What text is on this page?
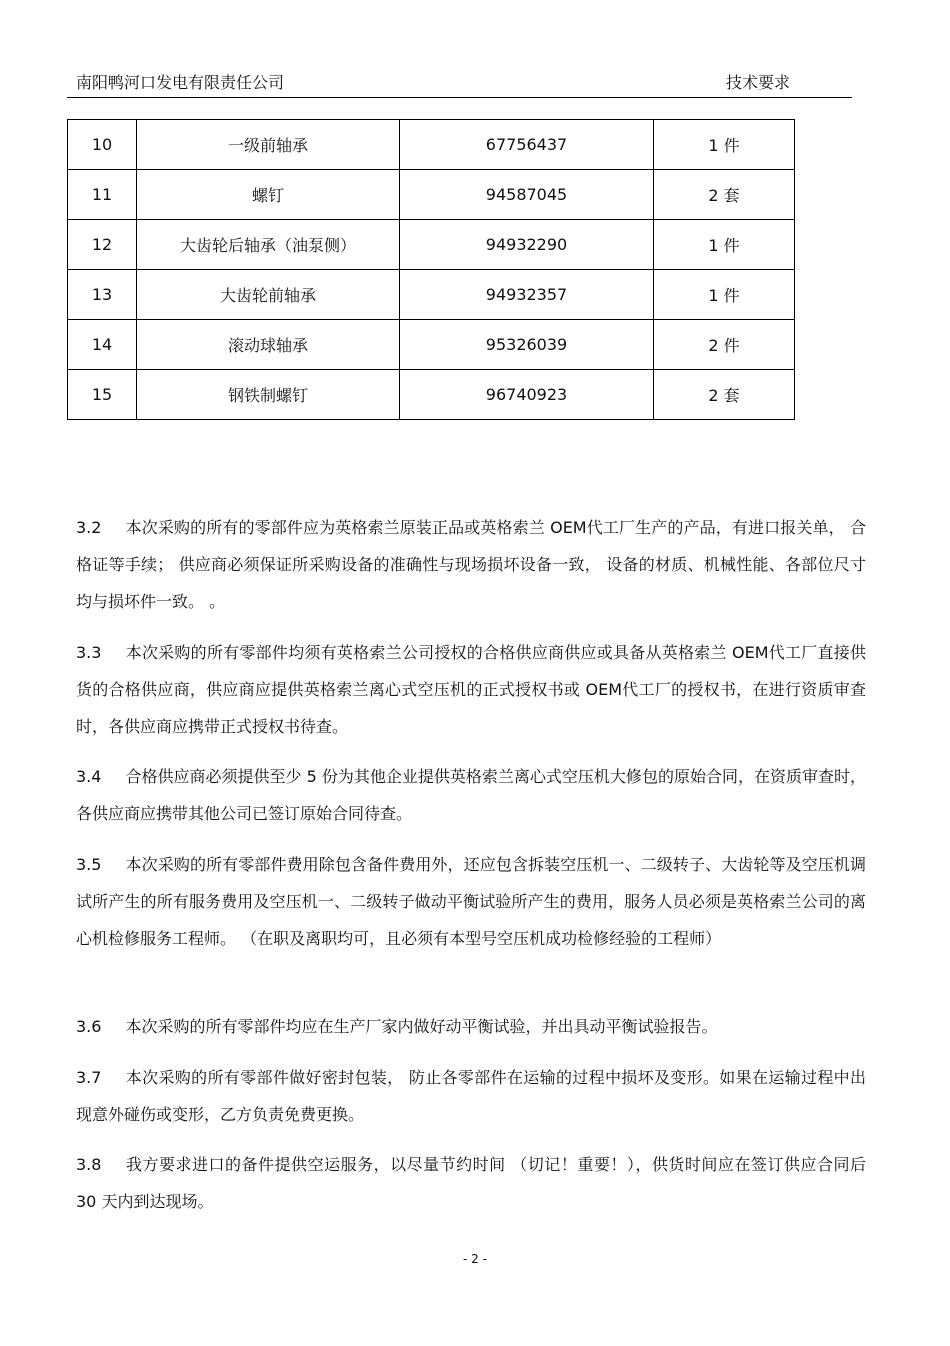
南阳鸭河口发电有限责任公司	技术要求
10	一级前轴承	67756437	1 件
11	螺钉	94587045	2 套
12	大齿轮后轴承（油泵侧）	94932290	1 件
13	大齿轮前轴承	94932357	1 件
14	滚动球轴承	95326039	2 件
15	钢铁制螺钉	96740923	2 套
3.2 本次采购的所有的零部件应为英格索兰原装正品或英格索兰 OEM代工厂生产的产品，有进口报关单， 合格证等手续； 供应商必须保证所采购设备的准确性与现场损坏设备一致， 设备的材质、机械性能、各部位尺寸均与损坏件一致。 。
3.3 本次采购的所有零部件均须有英格索兰公司授权的合格供应商供应或具备从英格索兰 OEM代工厂直接供货的合格供应商，供应商应提供英格索兰离心式空压机的正式授权书或 OEM代工厂的授权书，在进行资质审查时，各供应商应携带正式授权书待查。
3.4 合格供应商必须提供至少 5 份为其他企业提供英格索兰离心式空压机大修包的原始合同，在资质审查时，各供应商应携带其他公司已签订原始合同待查。
3.5 本次采购的所有零部件费用除包含备件费用外，还应包含拆装空压机一、二级转子、大齿轮等及空压机调试所产生的所有服务费用及空压机一、二级转子做动平衡试验所产生的费用，服务人员必须是英格索兰公司的离心机检修服务工程师。 （在职及离职均可，且必须有本型号空压机成功检修经验的工程师）
3.6 本次采购的所有零部件均应在生产厂家内做好动平衡试验，并出具动平衡试验报告。
3.7 本次采购的所有零部件做好密封包装， 防止各零部件在运输的过程中损坏及变形。如果在运输过程中出现意外碰伤或变形，乙方负责免费更换。
3.8 我方要求进口的备件提供空运服务，以尽量节约时间 （切记！重要！），供货时间应在签订供应合同后 30 天内到达现场。
- 2 -
